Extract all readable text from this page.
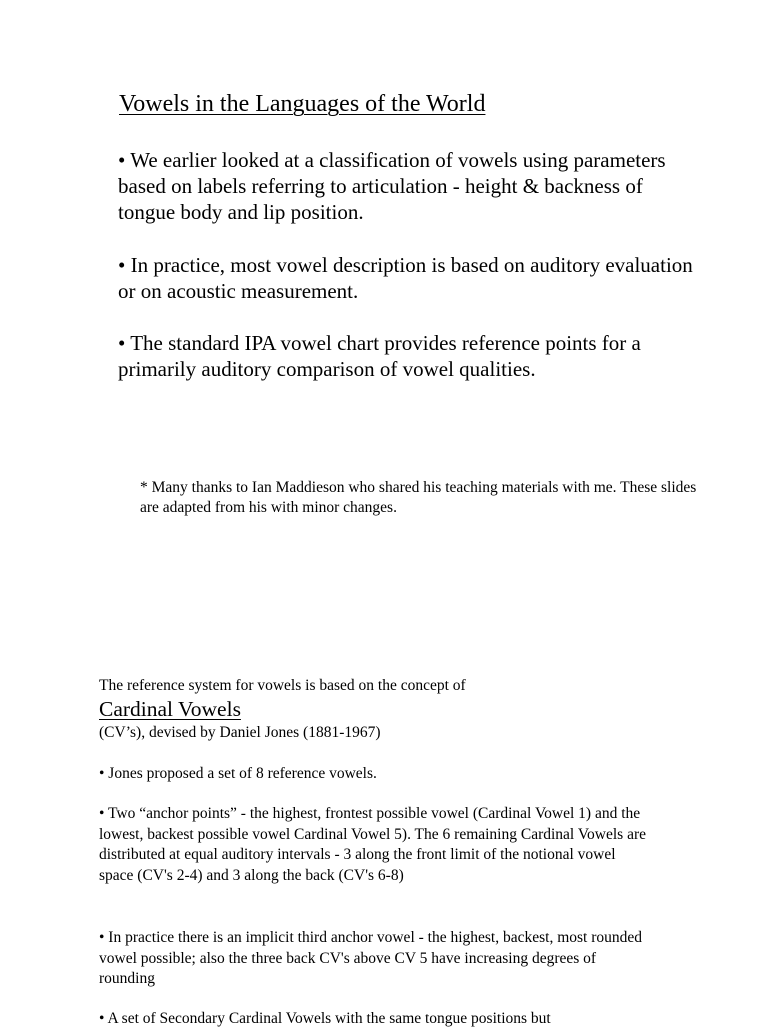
Vowels in the Languages of the World
• We earlier looked at a classification of vowels using parameters based on labels referring to articulation - height & backness of tongue body and lip position.
• In practice, most vowel description is based on auditory evaluation or on acoustic measurement.
• The standard IPA vowel chart provides reference points for a primarily auditory comparison of vowel qualities.
* Many thanks to Ian Maddieson who shared his teaching materials with me. These slides are adapted from his with minor changes.
The reference system for vowels is based on the concept of
Cardinal Vowels
(CV’s), devised by Daniel Jones (1881-1967)
• Jones proposed a set of 8 reference vowels.
• Two “anchor points” - the highest, frontest possible vowel (Cardinal Vowel 1) and the lowest, backest possible vowel Cardinal Vowel 5). The 6 remaining Cardinal Vowels are distributed at equal auditory intervals - 3 along the front limit of the notional vowel space (CV's 2-4) and 3 along the back (CV's 6-8)
• In practice there is an implicit third anchor vowel - the highest, backest, most rounded vowel possible; also the three back CV's above CV 5 have increasing degrees of rounding
• A set of Secondary Cardinal Vowels with the same tongue positions but
